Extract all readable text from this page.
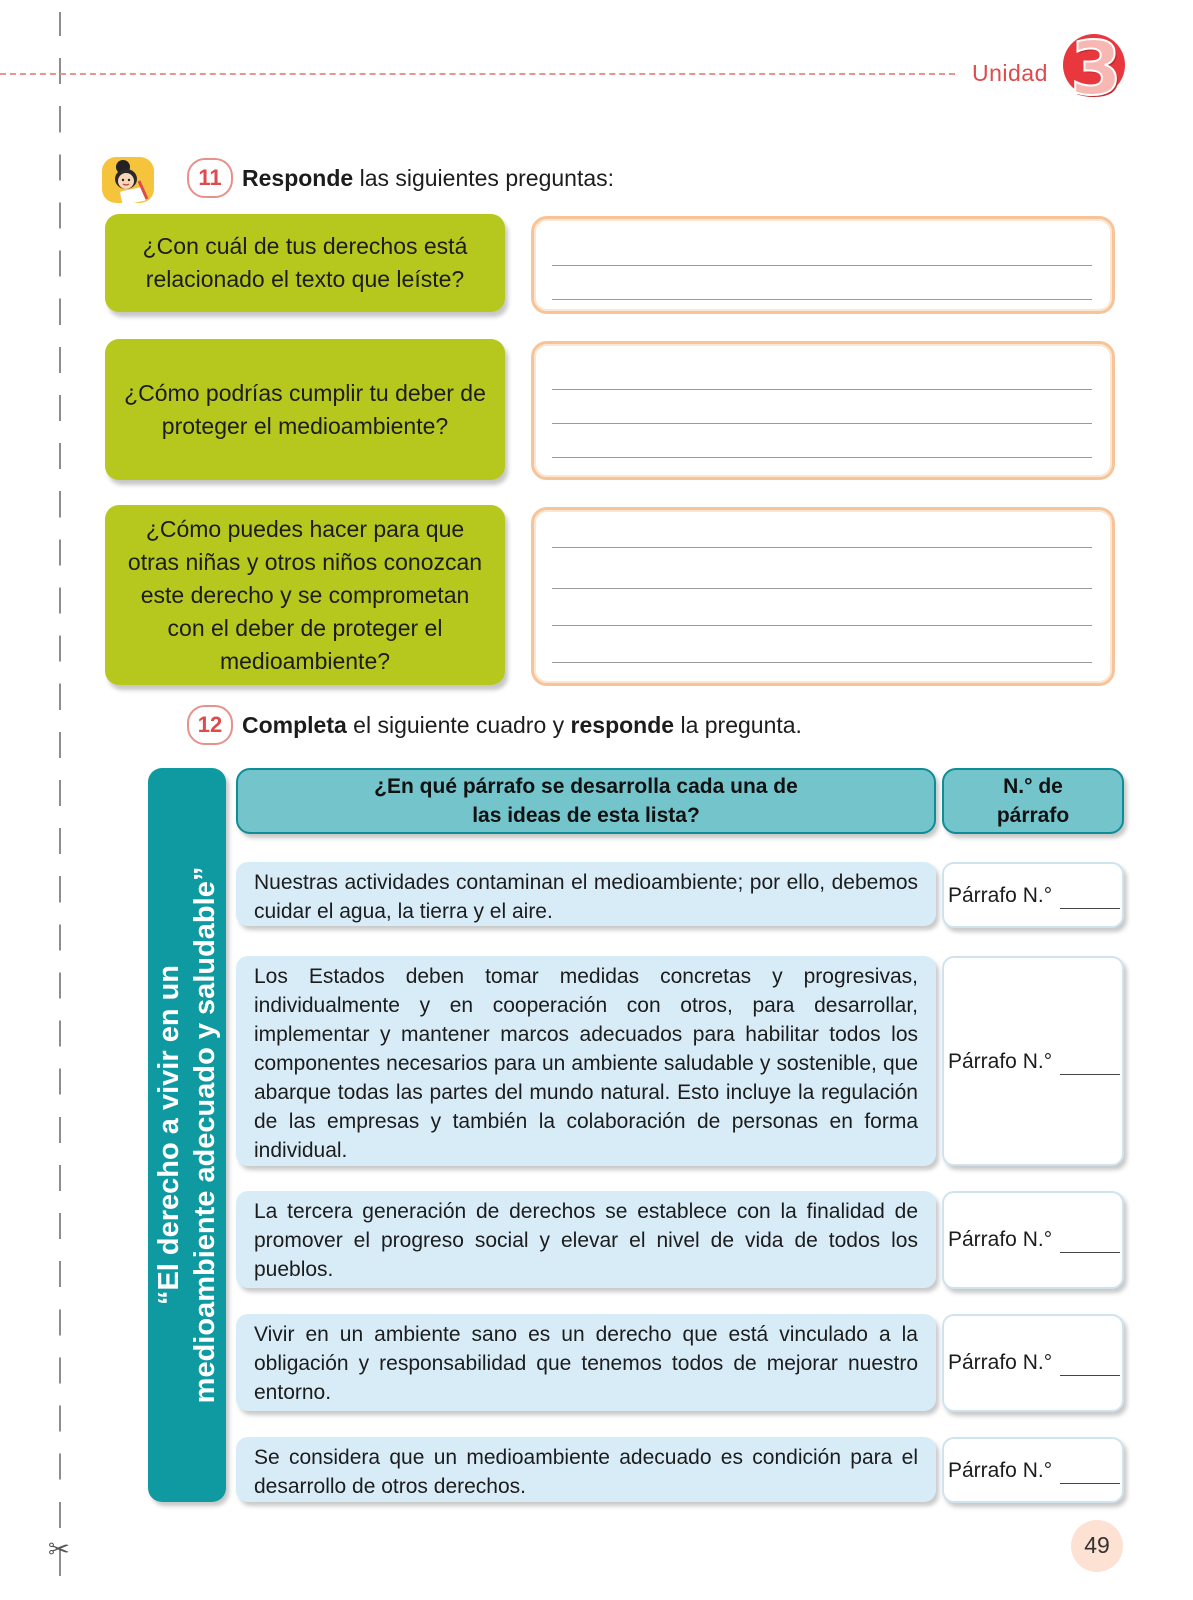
✂
Unidad 3
11 Responde las siguientes preguntas:
¿Con cuál de tus derechos está relacionado el texto que leíste?
¿Cómo podrías cumplir tu deber de proteger el medioambiente?
¿Cómo puedes hacer para que otras niñas y otros niños conozcan este derecho y se comprometan con el deber de proteger el medioambiente?
12 Completa el siguiente cuadro y responde la pregunta.
“El derecho a vivir en un medioambiente adecuado y saludable”
¿En qué párrafo se desarrolla cada una de las ideas de esta lista?
N.° de párrafo
Nuestras actividades contaminan el medioambiente; por ello, debemos cuidar el agua, la tierra y el aire.
Párrafo N.°
Los Estados deben tomar medidas concretas y progresivas, individualmente y en cooperación con otros, para desarrollar, implementar y mantener marcos adecuados para habilitar todos los componentes necesarios para un ambiente saludable y sostenible, que abarque todas las partes del mundo natural. Esto incluye la regulación de las empresas y también la colaboración de personas en forma individual.
Párrafo N.°
La tercera generación de derechos se establece con la finalidad de promover el progreso social y elevar el nivel de vida de todos los pueblos.
Párrafo N.°
Vivir en un ambiente sano es un derecho que está vinculado a la obligación y responsabilidad que tenemos todos de mejorar nuestro entorno.
Párrafo N.°
Se considera que un medioambiente adecuado es condición para el desarrollo de otros derechos.
Párrafo N.°
49
